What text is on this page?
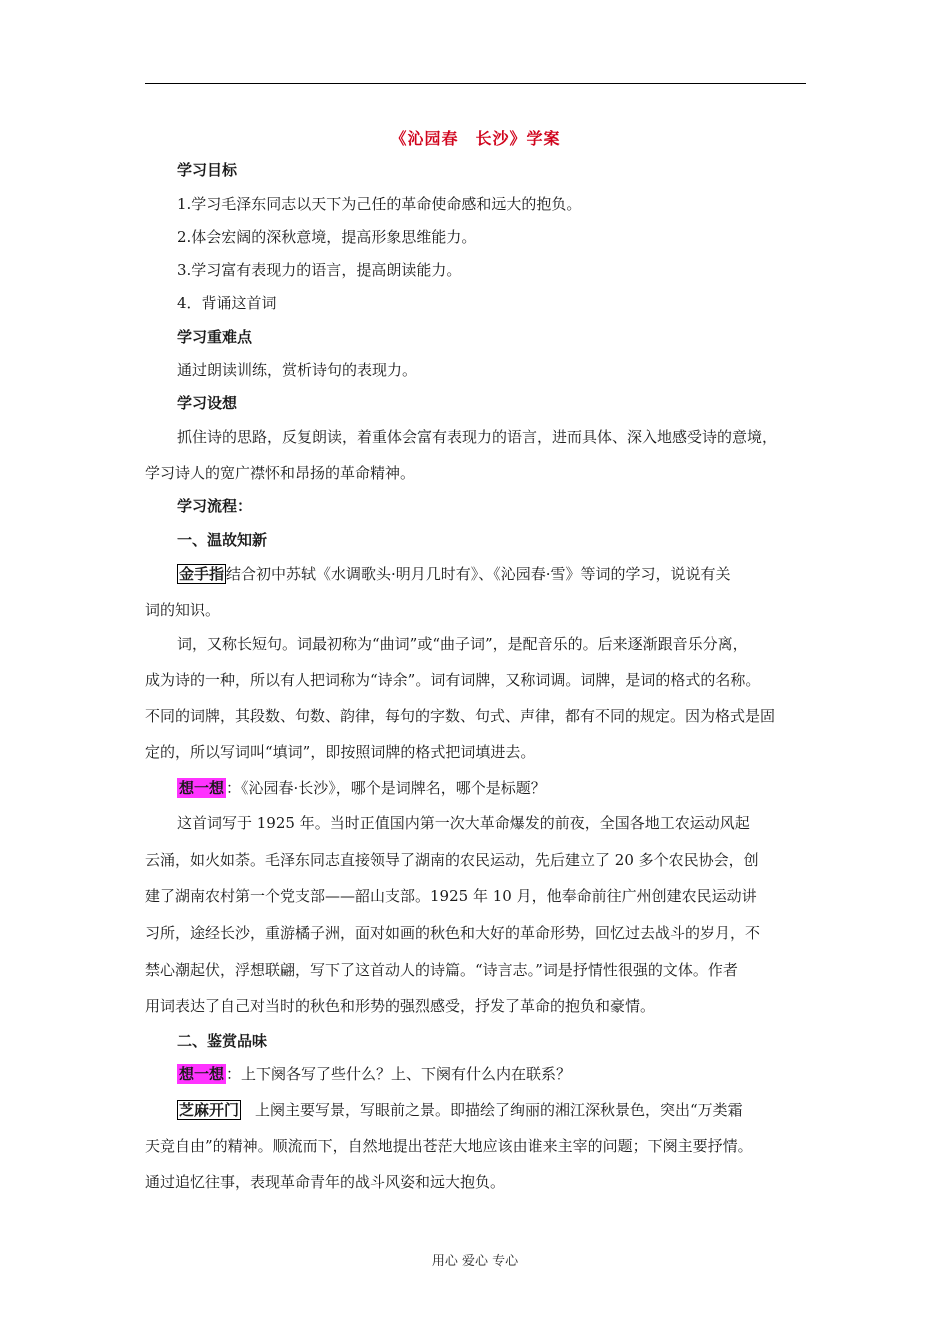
《沁园春　长沙》学案
学习目标
1.学习毛泽东同志以天下为己任的革命使命感和远大的抱负。
2.体会宏阔的深秋意境，提高形象思维能力。
3.学习富有表现力的语言，提高朗读能力。
4．背诵这首词
学习重难点
通过朗读训练，赏析诗句的表现力。
学习设想
抓住诗的思路，反复朗读，着重体会富有表现力的语言，进而具体、深入地感受诗的意境，
学习诗人的宽广襟怀和昂扬的革命精神。
学习流程：
一、温故知新
金手指 结合初中苏轼《水调歌头·明月几时有》、《沁园春·雪》等词的学习，说说有关
词的知识。
词，又称长短句。词最初称为“曲词”或“曲子词”，是配音乐的。后来逐渐跟音乐分离，
成为诗的一种，所以有人把词称为“诗余”。词有词牌，又称词调。词牌，是词的格式的名称。
不同的词牌，其段数、句数、韵律，每句的字数、句式、声律，都有不同的规定。因为格式是固
定的，所以写词叫“填词”，即按照词牌的格式把词填进去。
想一想 ：《沁园春·长沙》，哪个是词牌名，哪个是标题？
这首词写于 1925 年。当时正值国内第一次大革命爆发的前夜，全国各地工农运动风起
云涌，如火如荼。毛泽东同志直接领导了湖南的农民运动，先后建立了 20 多个农民协会，创
建了湖南农村第一个党支部——韶山支部。1925 年 10 月，他奉命前往广州创建农民运动讲
习所，途经长沙，重游橘子洲，面对如画的秋色和大好的革命形势，回忆过去战斗的岁月，不
禁心潮起伏，浮想联翩，写下了这首动人的诗篇。“诗言志。”词是抒情性很强的文体。作者
用词表达了自己对当时的秋色和形势的强烈感受，抒发了革命的抱负和豪情。
二、鉴赏品味
想一想 ：上下阕各写了些什么？上、下阕有什么内在联系？
芝麻开门 上阕主要写景，写眼前之景。即描绘了绚丽的湘江深秋景色，突出“万类霜
天竞自由”的精神。顺流而下，自然地提出苍茫大地应该由谁来主宰的问题；下阕主要抒情。
通过追忆往事，表现革命青年的战斗风姿和远大抱负。
用心 爱心 专心
